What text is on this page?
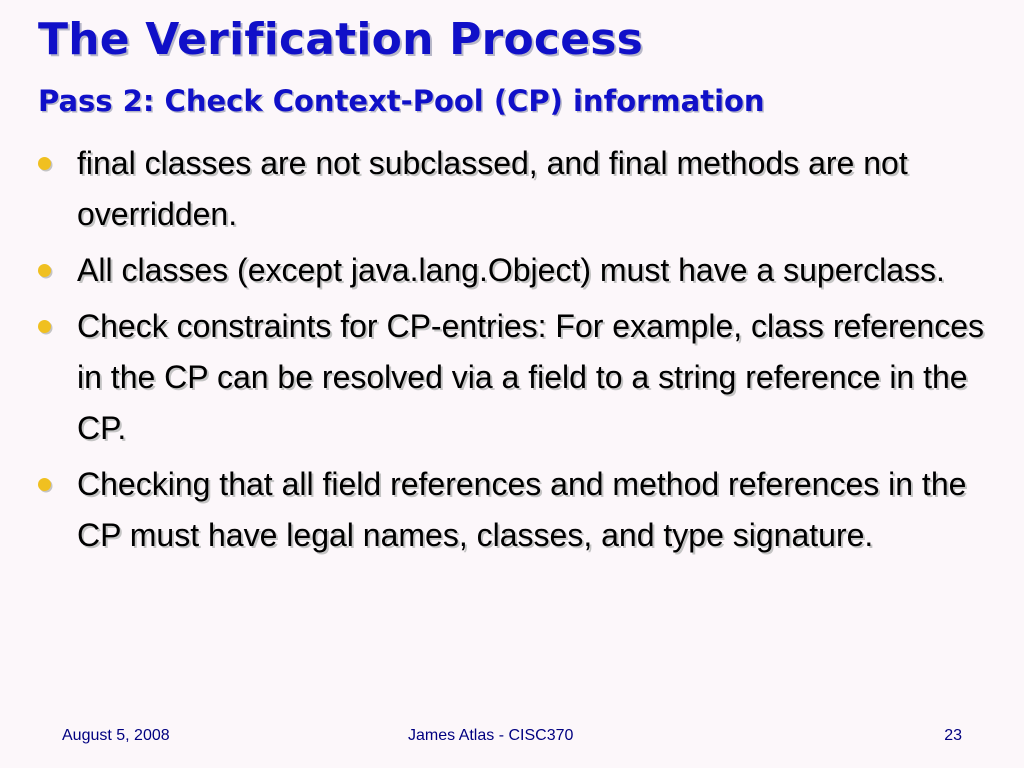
The Verification Process
Pass 2: Check Context-Pool (CP) information
final classes are not subclassed, and final methods are not overridden.
All classes (except java.lang.Object) must have a superclass.
Check constraints for CP-entries: For example, class references in the CP can be resolved via a field to a string reference in the CP.
Checking that all field references and method references in the CP must have legal names, classes, and type signature.
August 5, 2008	James Atlas - CISC370	23
